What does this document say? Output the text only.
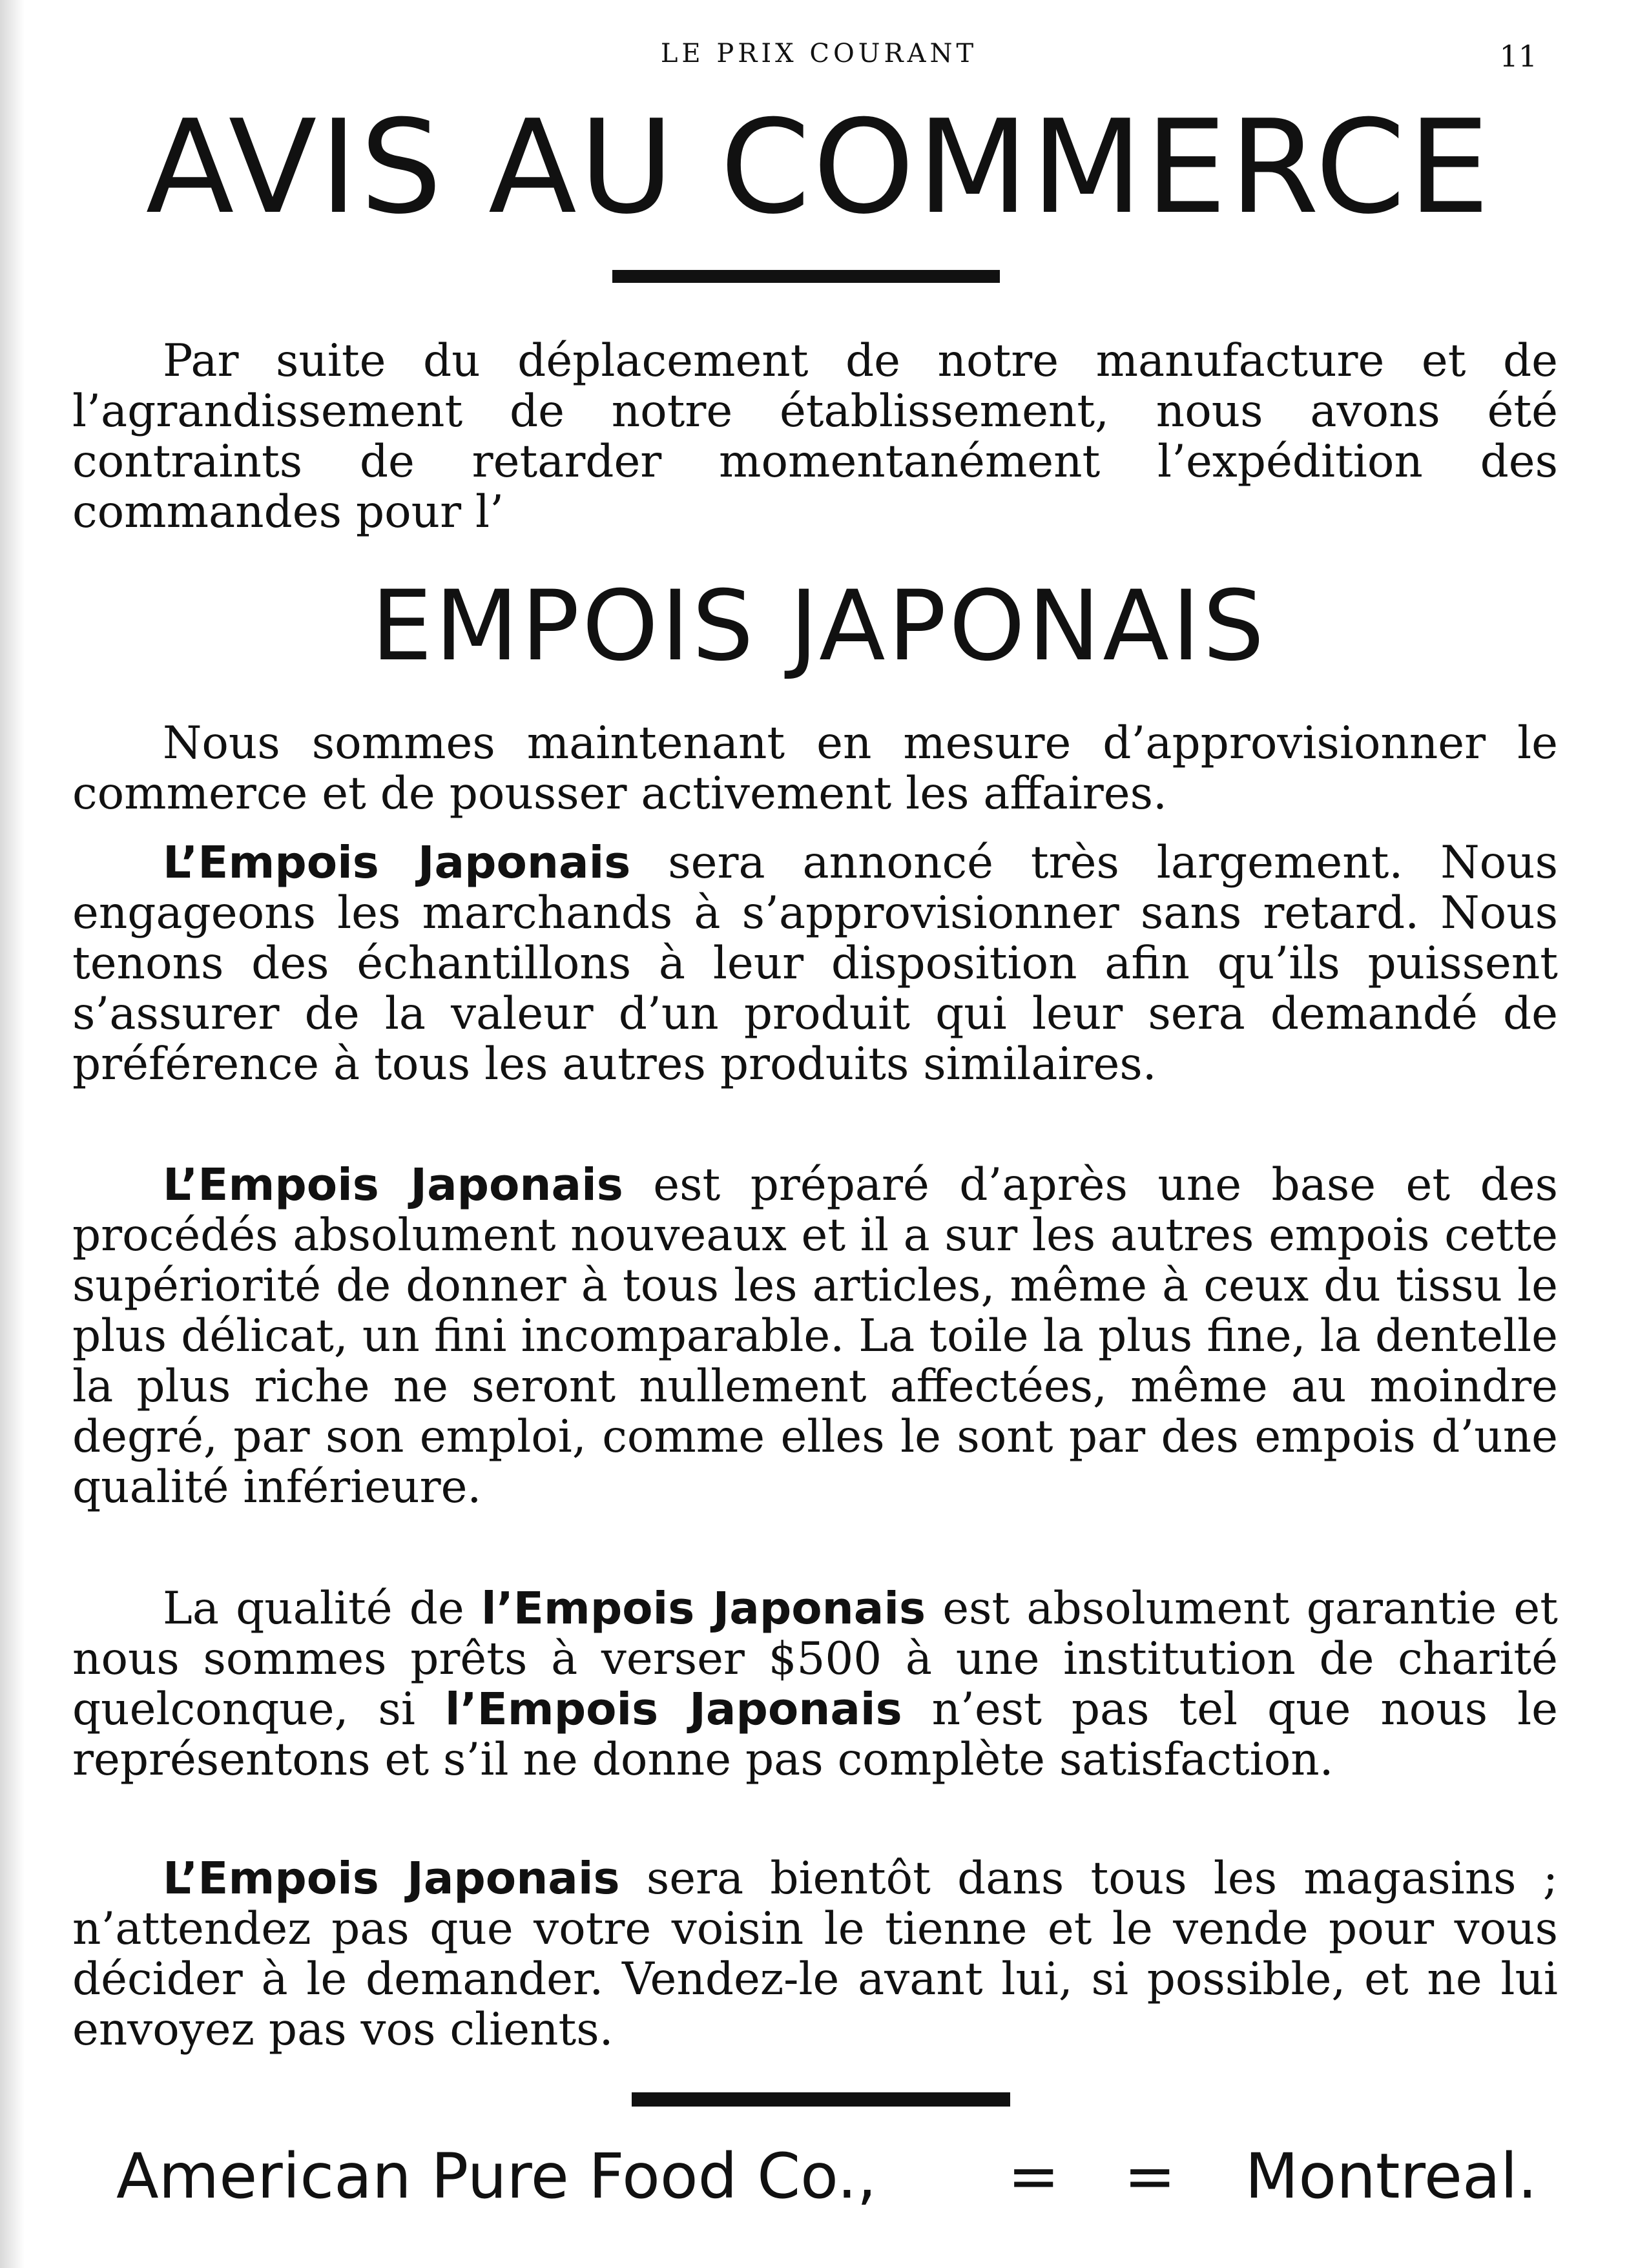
LE PRIX COURANT	11
AVIS AU COMMERCE

Par suite du déplacement de notre manufacture et de l’agrandissement de notre établissement, nous avons été contraints de retarder momentanément l’expédition des commandes pour l’

EMPOIS JAPONAIS

Nous sommes maintenant en mesure d’approvisionner le commerce et de pousser activement les affaires.

L’Empois Japonais sera annoncé très largement. Nous engageons les marchands à s’approvisionner sans retard. Nous tenons des échantillons à leur disposition afin qu’ils puissent s’assurer de la valeur d’un produit qui leur sera demandé de préférence à tous les autres produits similaires.

L’Empois Japonais est préparé d’après une base et des procédés absolument nouveaux et il a sur les autres empois cette supériorité de donner à tous les articles, même à ceux du tissu le plus délicat, un fini incomparable. La toile la plus fine, la dentelle la plus riche ne seront nullement affectées, même au moindre degré, par son emploi, comme elles le sont par des empois d’une qualité inférieure.

La qualité de l’Empois Japonais est absolument garantie et nous sommes prêts à verser $500 à une institution de charité quelconque, si l’Empois Japonais n’est pas tel que nous le représentons et s’il ne donne pas complète satisfaction.

L’Empois Japonais sera bientôt dans tous les magasins ; n’attendez pas que votre voisin le tienne et le vende pour vous décider à le demander. Vendez-le avant lui, si possible, et ne lui envoyez pas vos clients.

American Pure Food Co., = = Montreal.
